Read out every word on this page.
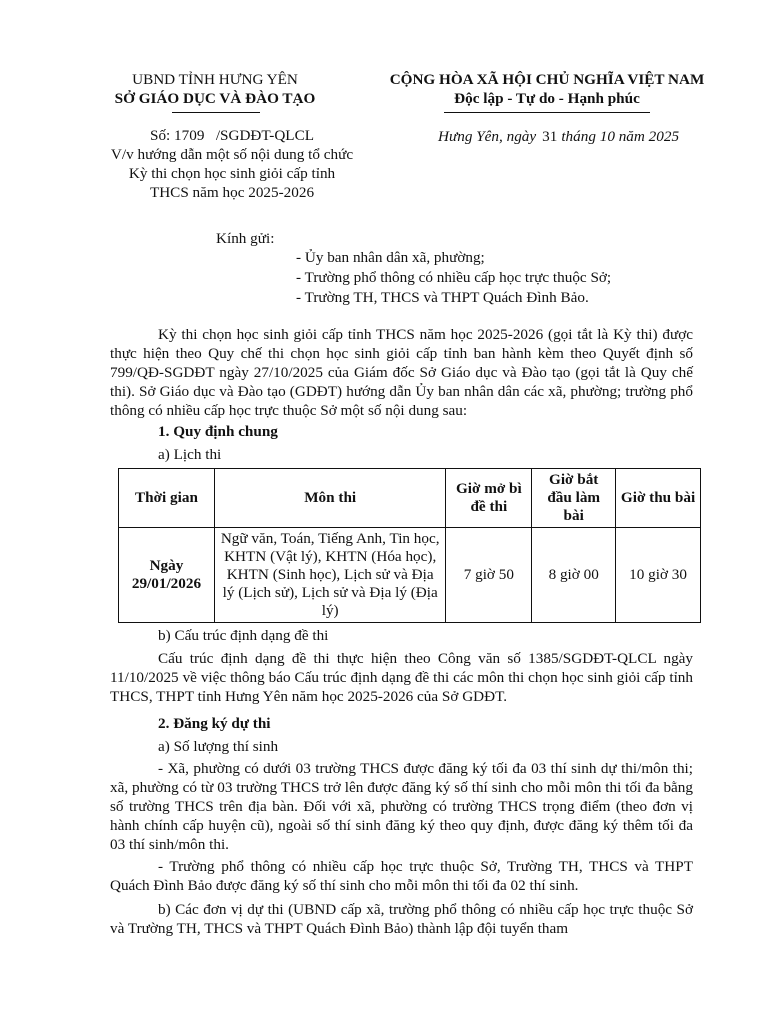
UBND TỈNH HƯNG YÊN
SỞ GIÁO DỤC VÀ ĐÀO TẠO
CỘNG HÒA XÃ HỘI CHỦ NGHĨA VIỆT NAM
Độc lập - Tự do - Hạnh phúc
Số: 1709   /SGDĐT-QLCL
V/v hướng dẫn một số nội dung tổ chức
Kỳ thi chọn học sinh giỏi cấp tỉnh
THCS năm học 2025-2026
Hưng Yên, ngày 31 tháng 10 năm 2025
Kính gửi:
- Ủy ban nhân dân xã, phường;
- Trường phổ thông có nhiều cấp học trực thuộc Sở;
- Trường TH, THCS và THPT Quách Đình Bảo.

Kỳ thi chọn học sinh giỏi cấp tỉnh THCS năm học 2025-2026 (gọi tắt là Kỳ thi) được thực hiện theo Quy chế thi chọn học sinh giỏi cấp tỉnh ban hành kèm theo Quyết định số 799/QĐ-SGDĐT ngày 27/10/2025 của Giám đốc Sở Giáo dục và Đào tạo (gọi tắt là Quy chế thi). Sở Giáo dục và Đào tạo (GDĐT) hướng dẫn Ủy ban nhân dân các xã, phường; trường phổ thông có nhiều cấp học trực thuộc Sở một số nội dung sau:

1. Quy định chung
a) Lịch thi
Thời gian	Môn thi	Giờ mở bì đề thi	Giờ bắt đầu làm bài	Giờ thu bài
Ngày 29/01/2026	Ngữ văn, Toán, Tiếng Anh, Tin học, KHTN (Vật lý), KHTN (Hóa học), KHTN (Sinh học), Lịch sử và Địa lý (Lịch sử), Lịch sử và Địa lý (Địa lý)	7 giờ 50	8 giờ 00	10 giờ 30
b) Cấu trúc định dạng đề thi

Cấu trúc định dạng đề thi thực hiện theo Công văn số 1385/SGDĐT-QLCL ngày 11/10/2025 về việc thông báo Cấu trúc định dạng đề thi các môn thi chọn học sinh giỏi cấp tỉnh THCS, THPT tỉnh Hưng Yên năm học 2025-2026 của Sở GDĐT.

2. Đăng ký dự thi
a) Số lượng thí sinh

- Xã, phường có dưới 03 trường THCS được đăng ký tối đa 03 thí sinh dự thi/môn thi; xã, phường có từ 03 trường THCS trở lên được đăng ký số thí sinh cho mỗi môn thi tối đa bằng số trường THCS trên địa bàn. Đối với xã, phường có trường THCS trọng điểm (theo đơn vị hành chính cấp huyện cũ), ngoài số thí sinh đăng ký theo quy định, được đăng ký thêm tối đa 03 thí sinh/môn thi.

- Trường phổ thông có nhiều cấp học trực thuộc Sở, Trường TH, THCS và THPT Quách Đình Bảo được đăng ký số thí sinh cho mỗi môn thi tối đa 02 thí sinh.

b) Các đơn vị dự thi (UBND cấp xã, trường phổ thông có nhiều cấp học trực thuộc Sở và Trường TH, THCS và THPT Quách Đình Bảo) thành lập đội tuyển tham
